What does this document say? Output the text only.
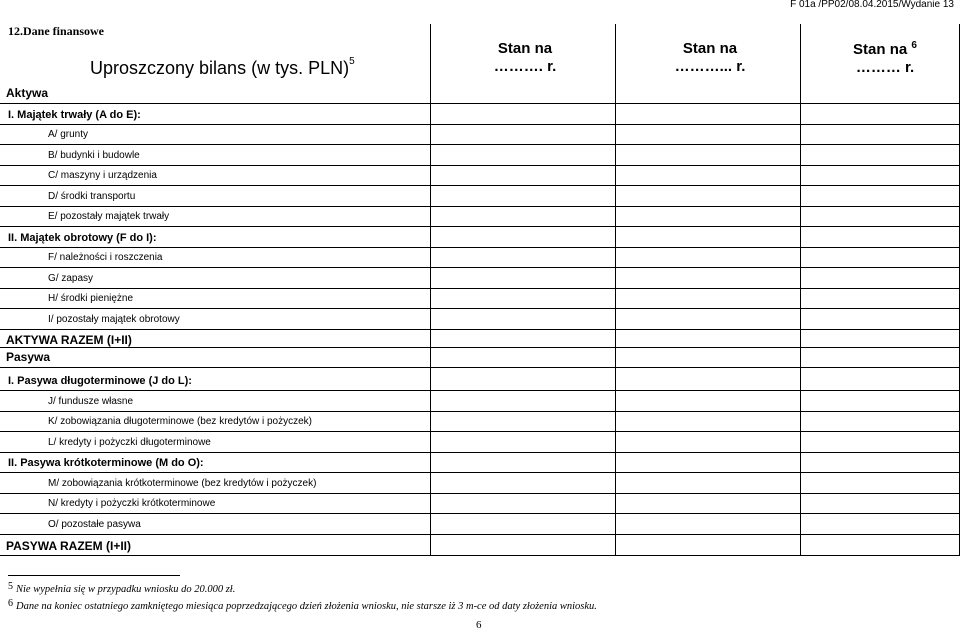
F 01a /PP02/08.04.2015/Wydanie 13
12.Dane finansowe
Uproszczony bilans (w tys. PLN)$^5$
Stan na
………. r.
Stan na
………... r.
Stan na $^6$
……… r.
Aktywa
I. Majątek trwały (A do E):
A/ grunty
B/ budynki i budowle
C/ maszyny i urządzenia
D/ środki transportu
E/ pozostały majątek trwały
II. Majątek obrotowy (F do I):
F/ należności i roszczenia
G/ zapasy
H/ środki pieniężne
I/ pozostały majątek obrotowy
AKTYWA RAZEM (I+II)
Pasywa
I. Pasywa długoterminowe (J do L):
J/ fundusze własne
K/ zobowiązania długoterminowe (bez kredytów i pożyczek)
L/ kredyty i pożyczki długoterminowe
II. Pasywa krótkoterminowe (M do O):
M/ zobowiązania krótkoterminowe (bez kredytów i pożyczek)
N/ kredyty i pożyczki krótkoterminowe
O/ pozostałe pasywa
PASYWA RAZEM (I+II)
$^5$ Nie wypełnia się w przypadku wniosku do 20.000 zł.
$^6$ Dane na koniec ostatniego zamkniętego miesiąca poprzedzającego dzień złożenia wniosku, nie starsze iż 3 m-ce od daty złożenia wniosku.
6
